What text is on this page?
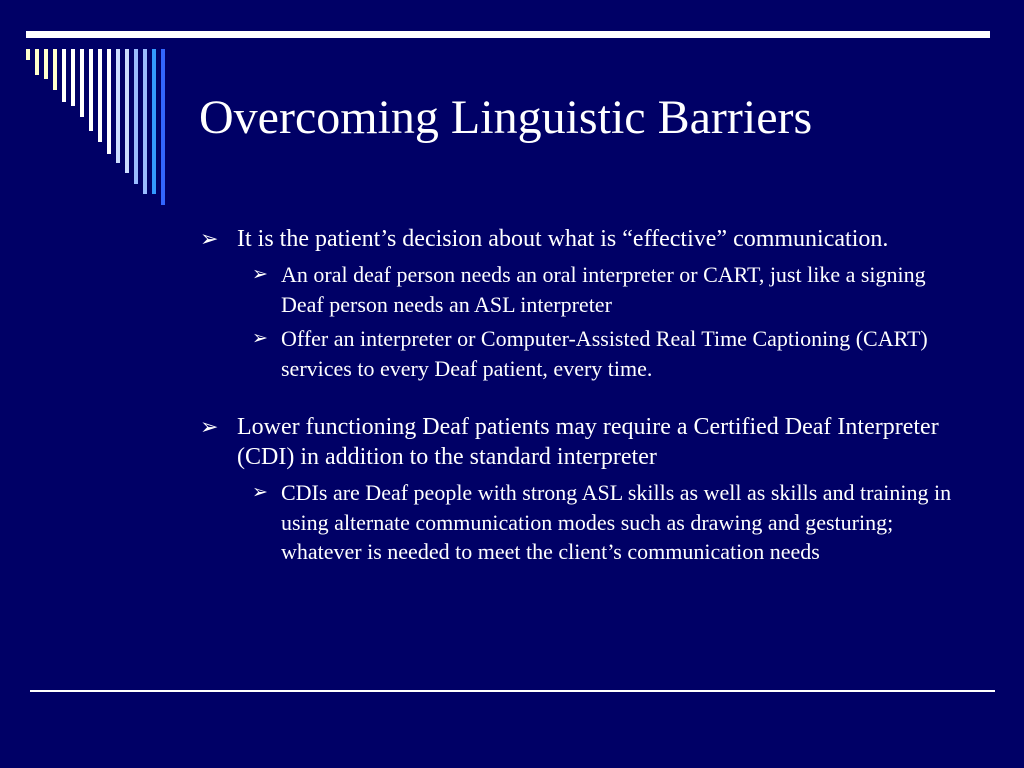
Overcoming Linguistic Barriers

➢ It is the patient’s decision about what is “effective” communication.

➢ An oral deaf person needs an oral interpreter or CART, just like a signing Deaf person needs an ASL interpreter

➢ Offer an interpreter or Computer-Assisted Real Time Captioning (CART) services to every Deaf patient, every time.

➢ Lower functioning Deaf patients may require a Certified Deaf Interpreter (CDI) in addition to the standard interpreter

➢ CDIs are Deaf people with strong ASL skills as well as skills and training in using alternate communication modes such as drawing and gesturing; whatever is needed to meet the client’s communication needs
